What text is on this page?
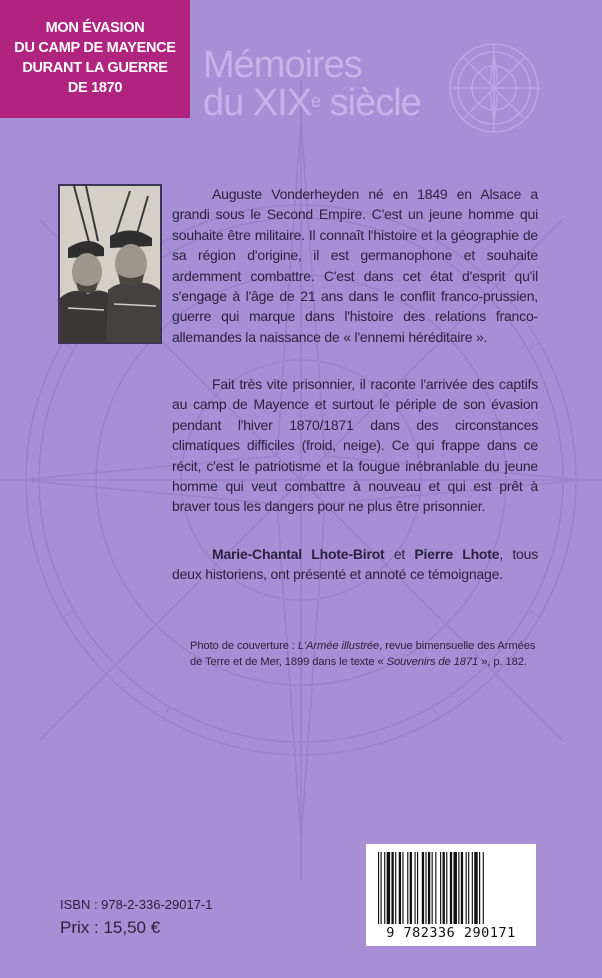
MON ÉVASION
DU CAMP DE MAYENCE
DURANT LA GUERRE
DE 1870
Mémoires
du XIXe siècle
Auguste Vonderheyden né en 1849 en Alsace a grandi sous le Second Empire. C'est un jeune homme qui souhaite être militaire. Il connaît l'histoire et la géographie de sa région d'origine, il est germanophone et souhaite ardemment combattre. C'est dans cet état d'esprit qu'il s'engage à l'âge de 21 ans dans le conflit franco-prussien, guerre qui marque dans l'histoire des relations franco-allemandes la naissance de « l'ennemi héréditaire ».
Fait très vite prisonnier, il raconte l'arrivée des captifs au camp de Mayence et surtout le périple de son évasion pendant l'hiver 1870/1871 dans des circonstances climatiques difficiles (froid, neige). Ce qui frappe dans ce récit, c'est le patriotisme et la fougue inébranlable du jeune homme qui veut combattre à nouveau et qui est prêt à braver tous les dangers pour ne plus être prisonnier.
Marie-Chantal Lhote-Birot et Pierre Lhote, tous deux historiens, ont présenté et annoté ce témoignage.
Photo de couverture : L'Armée illustrée, revue bimensuelle des Armées de Terre et de Mer, 1899 dans le texte « Souvenirs de 1871 », p. 182.
ISBN : 978-2-336-29017-1
Prix : 15,50 €	9 782336 290171
